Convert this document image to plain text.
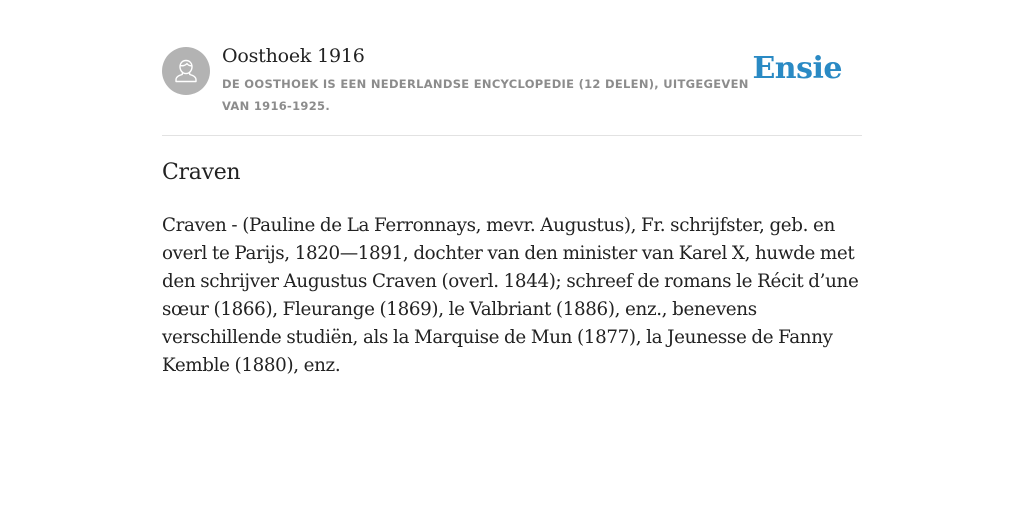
Oosthoek 1916
DE OOSTHOEK IS EEN NEDERLANDSE ENCYCLOPEDIE (12 DELEN), UITGEGEVEN VAN 1916-1925.
Ensie
Craven

Craven - (Pauline de La Ferronnays, mevr. Augustus), Fr. schrijfster, geb. en overl te Parijs, 1820—1891, dochter van den minister van Karel X, huwde met den schrijver Augustus Craven (overl. 1844); schreef de romans le Récit d’une sœur (1866), Fleurange (1869), le Valbriant (1886), enz., benevens verschillende studiën, als la Marquise de Mun (1877), la Jeunesse de Fanny Kemble (1880), enz.
